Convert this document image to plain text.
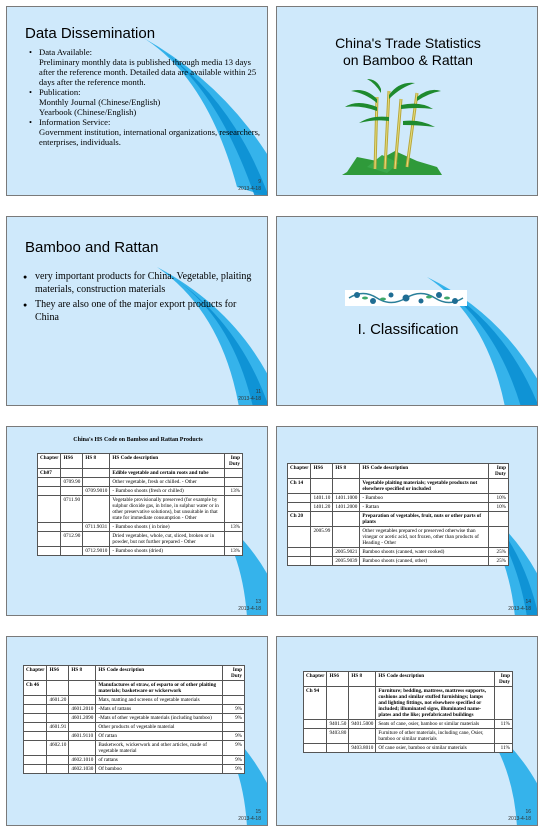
Data Dissemination
• Data Available:
Preliminary monthly data is published through media 13 days after the reference month. Detailed data are available within 25 days after the reference month.
• Publication:
Monthly Journal (Chinese/English)
Yearbook (Chinese/English)
• Information Service:
Government institution, international organizations, researchers, enterprises, individuals.
9
2013-4-18
China's Trade Statistics
on Bamboo & Rattan
Bamboo and Rattan
● very important products for China. Vegetable, plaiting materials, construction materials
● They are also one of the major export products for China
11
2013-4-18
I. Classification
China's HS Code on Bamboo and Rattan Products
Chapter	HS6	HS 8	HS Code description	Imp Duty
Ch07			Edible vegetable and certain roots and tube	
	0709.90		Other vegetable, fresh or chilled. - Other	
		0709.9010	- Bamboo shoots (fresh or chilled)	13%
	0711.90		Vegetable provisionally preserved (for example by sulphur dioxide gas, in brine, in sulphur water or in other preservative solutions), but unsuitable in that state for immediate consumption - Other	
		0711.9031	- Bamboo shoots ( in brine)	13%
	0712.90		Dried vegetables, whole, cut, sliced, broken or in powder, but not further prepared - Other	
		0712.9010	- Bamboo shoots (dried)	13%
13
2013-4-18
Chapter	HS6	HS 8	HS Code description	Imp Duty
Ch 14			Vegetable plaiting materials; vegetable products not elsewhere specified or included	
	1401.10	1401.1000	- Bamboo	10%
	1401.20	1401.2000	- Rattan	10%
Ch 20			Preparation of vegetables, fruit, nuts or other parts of plants	
	2005.99		Other vegetables prepared or preserved otherwise than vinegar or acetic acid, not frozen, other than products of Heading - Other	
		2005.9021	Bamboo shoots (canned, water cooked)	25%
		2005.9039	Bamboo shoots (canned, other)	25%
14
2013-4-18
Chapter	HS6	HS 8	HS Code description	Imp Duty
Ch 46			Manufactures of straw, of esparto or of other plaiting materials; basketware or wickerwork	
	4601.20		Mats, matting and screens of vegetable materials	
		4601.2010	-Mats of rattans	9%
		4601.2090	-Mats of other vegetable materials (including bamboo)	9%
	4601.91		Other products of vegetable material	
		4601.9110	Of rattan	9%
	4602.10		Basketwork, wickerwork and other articles, made of vegetable material	9%
		4602.1010	of rattans	9%
		4602.1030	Of bamboo	9%
15
2013-4-18
Chapter	HS6	HS 8	HS Code description	Imp Duty
Ch 94			Furniture; bedding, mattress, mattress supports, cushions and similar stuffed furnishings; lamps and lighting fittings, not elsewhere specified or included; illuminated signs, illuminated name-plates and the like; prefabricated buildings	
	9401.50	9401.5000	Seats of cane, osier, bamboo or similar materials	11%
	9403.80		Furniture of other materials, including cane, Osier, bamboo or similar materials	
		9403.8010	Of cane osier, bamboo or similar materials	11%
16
2013-4-18
